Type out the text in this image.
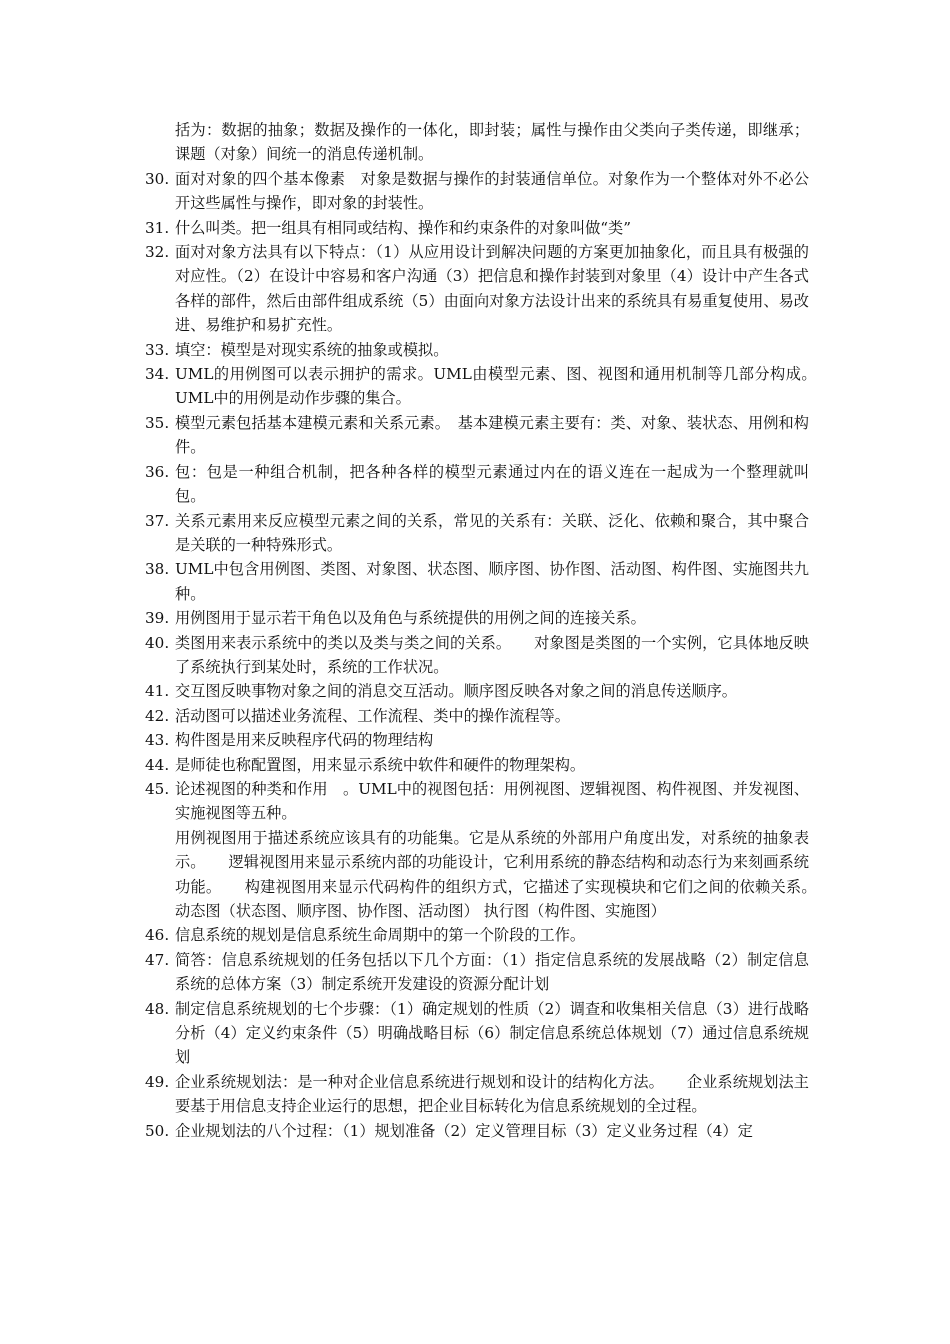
括为：数据的抽象；数据及操作的一体化，即封装；属性与操作由父类向子类传递，即继承；课题（对象）间统一的消息传递机制。

30. 面对对象的四个基本像素　对象是数据与操作的封装通信单位。对象作为一个整体对外不必公开这些属性与操作，即对象的封装性。
31. 什么叫类。把一组具有相同或结构、操作和约束条件的对象叫做“类”
32. 面对对象方法具有以下特点：（1）从应用设计到解决问题的方案更加抽象化，而且具有极强的对应性。（2）在设计中容易和客户沟通（3）把信息和操作封装到对象里（4）设计中产生各式各样的部件，然后由部件组成系统（5）由面向对象方法设计出来的系统具有易重复使用、易改进、易维护和易扩充性。
33. 填空：模型是对现实系统的抽象或模拟。
34. UML的用例图可以表示拥护的需求。UML由模型元素、图、视图和通用机制等几部分构成。　UML中的用例是动作步骤的集合。
35. 模型元素包括基本建模元素和关系元素。　基本建模元素主要有：类、对象、装状态、用例和构件。
36. 包：包是一种组合机制，把各种各样的模型元素通过内在的语义连在一起成为一个整理就叫包。
37. 关系元素用来反应模型元素之间的关系，常见的关系有：关联、泛化、依赖和聚合，其中聚合是关联的一种特殊形式。
38. UML中包含用例图、类图、对象图、状态图、顺序图、协作图、活动图、构件图、实施图共九种。
39. 用例图用于显示若干角色以及角色与系统提供的用例之间的连接关系。
40. 类图用来表示系统中的类以及类与类之间的关系。　　对象图是类图的一个实例，它具体地反映了系统执行到某处时，系统的工作状况。
41. 交互图反映事物对象之间的消息交互活动。顺序图反映各对象之间的消息传送顺序。
42. 活动图可以描述业务流程、工作流程、类中的操作流程等。
43. 构件图是用来反映程序代码的物理结构
44. 是师徒也称配置图，用来显示系统中软件和硬件的物理架构。
45. 论述视图的种类和作用　。UML中的视图包括：用例视图、逻辑视图、构件视图、并发视图、实施视图等五种。

用例视图用于描述系统应该具有的功能集。它是从系统的外部用户角度出发，对系统的抽象表示。　　逻辑视图用来显示系统内部的功能设计，它利用系统的静态结构和动态行为来刻画系统功能。　　构建视图用来显示代码构件的组织方式，它描述了实现模块和它们之间的依赖关系。　　动态图（状态图、顺序图、协作图、活动图） 执行图（构件图、实施图）

46. 信息系统的规划是信息系统生命周期中的第一个阶段的工作。
47. 简答：信息系统规划的任务包括以下几个方面：（1）指定信息系统的发展战略（2）制定信息系统的总体方案（3）制定系统开发建设的资源分配计划
48. 制定信息系统规划的七个步骤：（1）确定规划的性质（2）调查和收集相关信息（3）进行战略分析（4）定义约束条件（5）明确战略目标（6）制定信息系统总体规划（7）通过信息系统规划
49. 企业系统规划法：是一种对企业信息系统进行规划和设计的结构化方法。　　企业系统规划法主要基于用信息支持企业运行的思想，把企业目标转化为信息系统规划的全过程。
50. 企业规划法的八个过程：（1）规划准备（2）定义管理目标（3）定义业务过程（4）定
